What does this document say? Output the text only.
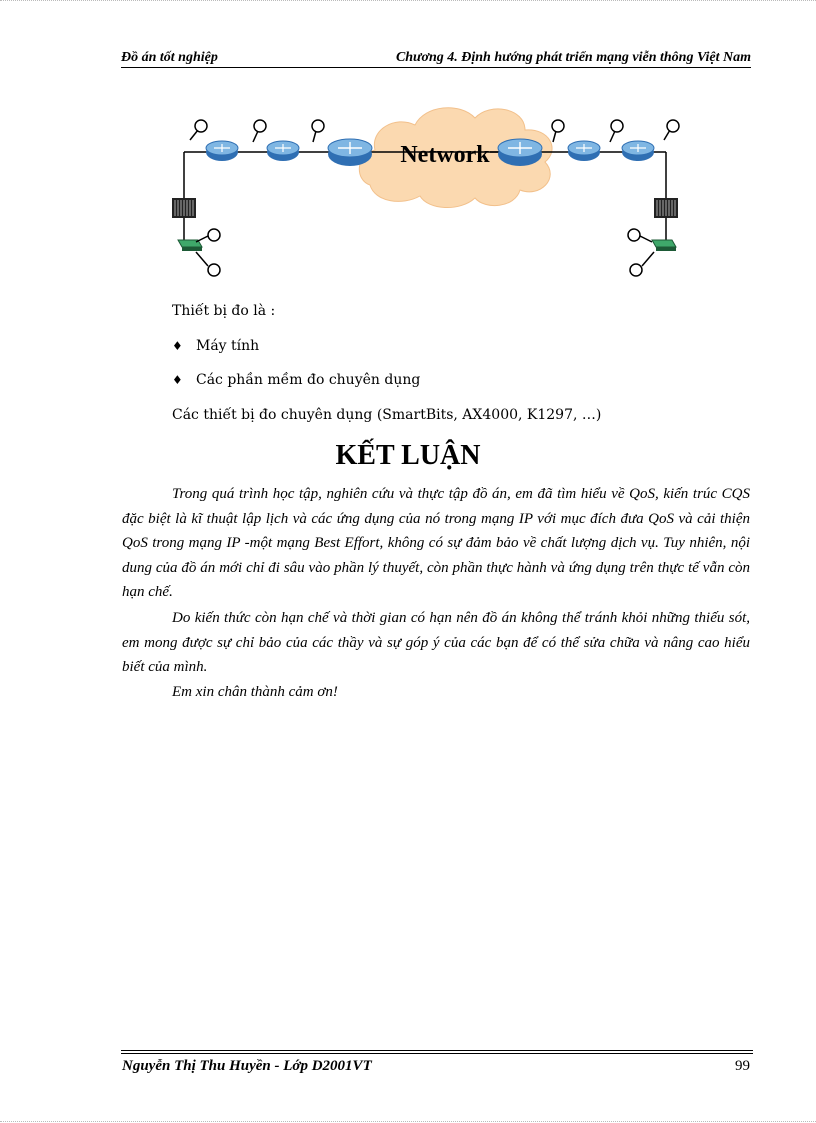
Đồ án tốt nghiệp	Chương 4. Định hướng phát triển mạng viễn thông Việt Nam
Network
Thiết bị đo là :
♦ Máy tính
♦ Các phần mềm đo chuyên dụng
Các thiết bị đo chuyên dụng (SmartBits, AX4000, K1297, …)
KẾT LUẬN

Trong quá trình học tập, nghiên cứu và thực tập đồ án, em đã tìm hiểu về QoS, kiến trúc CQS đặc biệt là kĩ thuật lập lịch và các ứng dụng của nó trong mạng IP với mục đích đưa QoS và cải thiện QoS trong mạng IP -một mạng Best Effort, không có sự đảm bảo về chất lượng dịch vụ. Tuy nhiên, nội dung của đồ án mới chỉ đi sâu vào phần lý thuyết, còn phần thực hành và ứng dụng trên thực tế vẫn còn hạn chế.

Do kiến thức còn hạn chế và thời gian có hạn nên đồ án không thể tránh khỏi những thiếu sót, em mong được sự chỉ bảo của các thầy và sự góp ý của các bạn để có thể sửa chữa và nâng cao hiểu biết của mình.

Em xin chân thành cảm ơn!

Nguyễn Thị Thu Huyền - Lớp D2001VT	99
